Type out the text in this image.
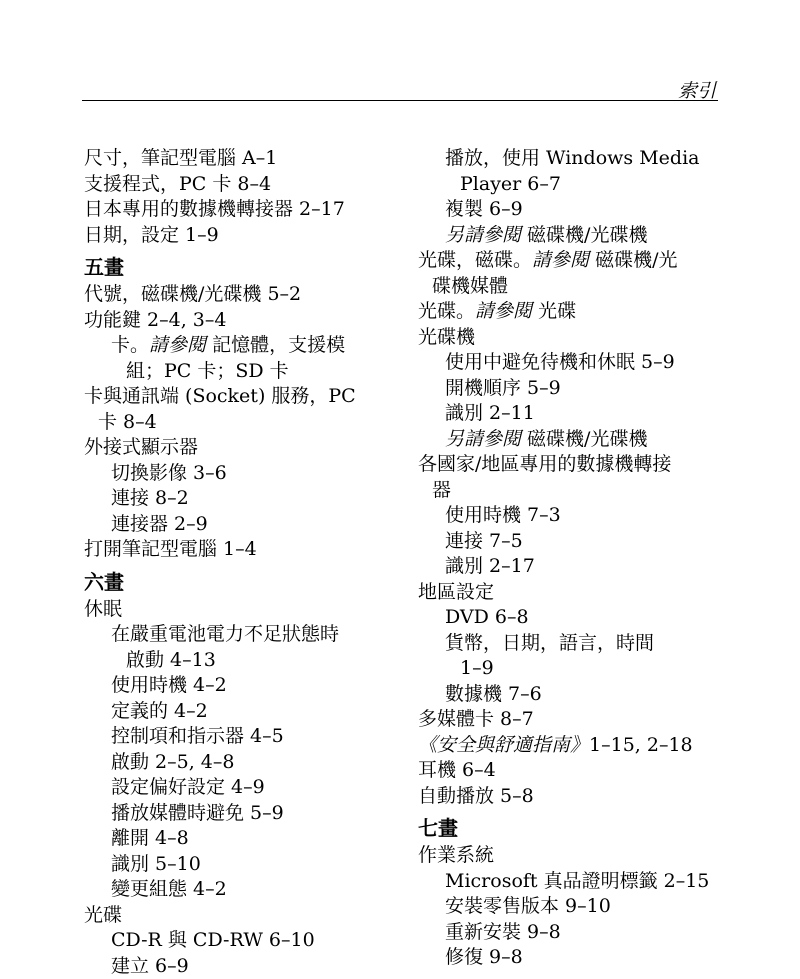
索引
尺寸，筆記型電腦 A–1
支援程式，PC 卡 8–4
日本專用的數據機轉接器 2–17
日期，設定 1–9
五畫
代號，磁碟機/光碟機 5–2
功能鍵 2–4, 3–4
卡。請參閱 記憶體，支援模
組；PC 卡；SD 卡
卡與通訊端 (Socket) 服務，PC
卡 8–4
外接式顯示器
切換影像 3–6
連接 8–2
連接器 2–9
打開筆記型電腦 1–4
六畫
休眠
在嚴重電池電力不足狀態時
啟動 4–13
使用時機 4–2
定義的 4–2
控制項和指示器 4–5
啟動 2–5, 4–8
設定偏好設定 4–9
播放媒體時避免 5–9
離開 4–8
識別 5–10
變更組態 4–2
光碟
CD-R 與 CD-RW 6–10
建立 6–9
播放，使用 Windows Media
Player 6–7
複製 6–9
另請參閱 磁碟機/光碟機
光碟，磁碟。請參閱 磁碟機/光
碟機媒體
光碟。請參閱 光碟
光碟機
使用中避免待機和休眠 5–9
開機順序 5–9
識別 2–11
另請參閱 磁碟機/光碟機
各國家/地區專用的數據機轉接
器
使用時機 7–3
連接 7–5
識別 2–17
地區設定
DVD 6–8
貨幣，日期，語言，時間
1–9
數據機 7–6
多媒體卡 8–7
《安全與舒適指南》1–15, 2–18
耳機 6–4
自動播放 5–8
七畫
作業系統
Microsoft 真品證明標籤 2–15
安裝零售版本 9–10
重新安裝 9–8
修復 9–8
